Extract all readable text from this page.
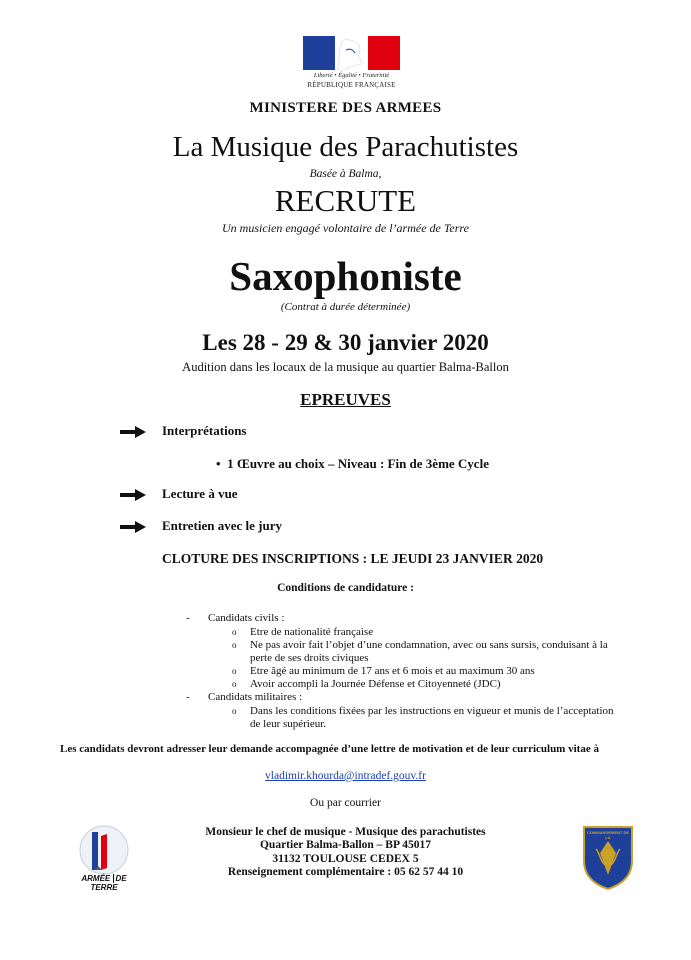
Liberté • Égalité • Fraternité
RÉPUBLIQUE FRANÇAISE
MINISTERE DES ARMEES
La Musique des Parachutistes
Basée à Balma,
RECRUTE
Un musicien engagé volontaire de l’armée de Terre
Saxophoniste
(Contrat à durée déterminée)
Les 28 - 29 & 30 janvier 2020
Audition dans les locaux de la musique au quartier Balma-Ballon
EPREUVES
Interprétations
•  1 Œuvre au choix – Niveau : Fin de 3ème Cycle
Lecture à vue
Entretien avec le jury
CLOTURE DES INSCRIPTIONS : LE JEUDI 23 JANVIER 2020
Conditions de candidature :
- Candidats civils :
o Etre de nationalité française
o Ne pas avoir fait l’objet d’une condamnation, avec ou sans sursis, conduisant à la
perte de ses droits civiques
o Etre âgé au minimum de 17 ans et 6 mois et au maximum 30 ans
o Avoir accompli la Journée Défense et Citoyenneté (JDC)
- Candidats militaires :
o Dans les conditions fixées par les instructions en vigueur et munis de l’acceptation
de leur supérieur.
Les candidats devront adresser leur demande accompagnée d’une lettre de motivation et de leur curriculum vitae à
vladimir.khourda@intradef.gouv.fr
Ou par courrier
Monsieur le chef de musique - Musique des parachutistes
Quartier Balma-Ballon – BP 45017
31132 TOULOUSE CEDEX 5
Renseignement complémentaire : 05 62 57 44 10
ARMÉE DE TERRE
COMMANDEMENT DE LA
